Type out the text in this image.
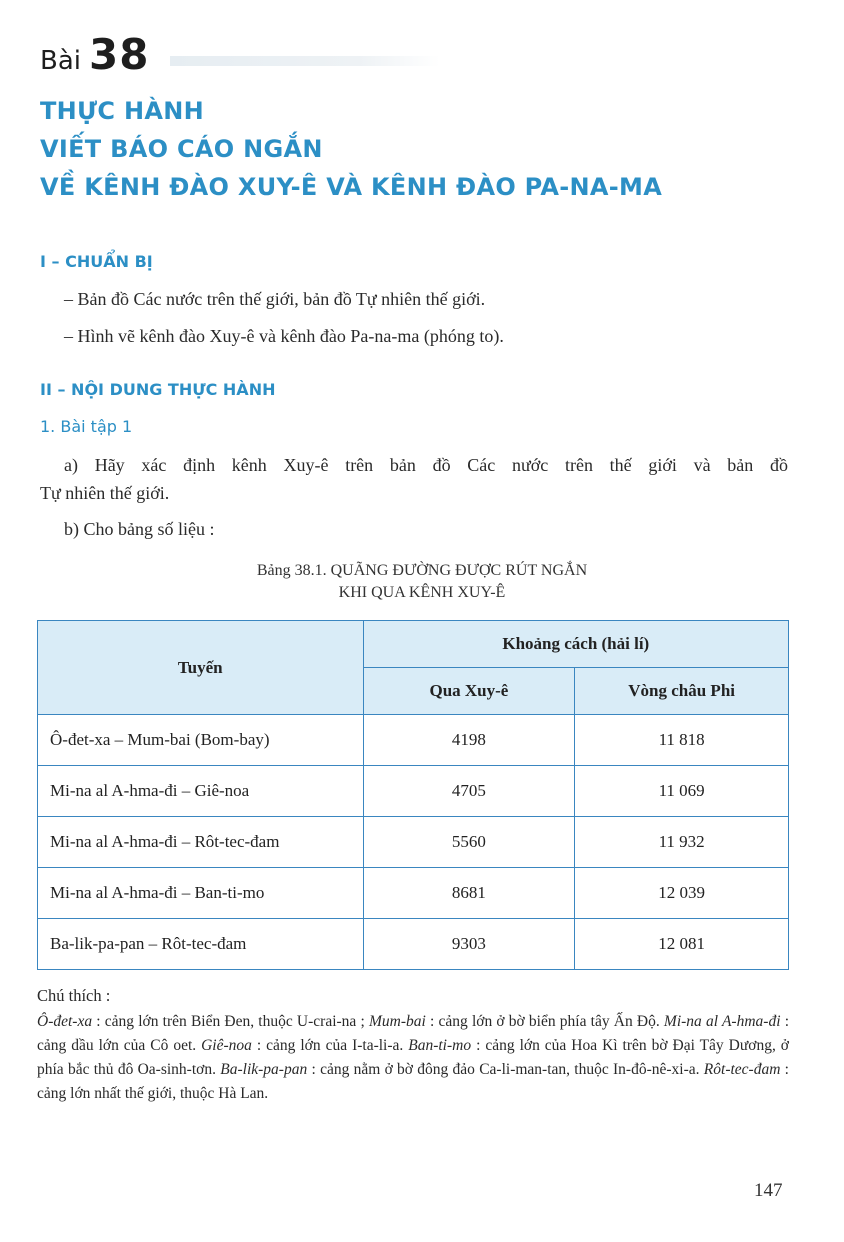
Bài 38
THỰC HÀNH
VIẾT BÁO CÁO NGẮN
VỀ KÊNH ĐÀO XUY-Ê VÀ KÊNH ĐÀO PA-NA-MA
I – CHUẨN BỊ
– Bản đồ Các nước trên thế giới, bản đồ Tự nhiên thế giới.
– Hình vẽ kênh đào Xuy-ê và kênh đào Pa-na-ma (phóng to).
II – NỘI DUNG THỰC HÀNH
1. Bài tập 1
a) Hãy xác định kênh Xuy-ê trên bản đồ Các nước trên thế giới và bản đồ
Tự nhiên thế giới.
b) Cho bảng số liệu :
Bảng 38.1. QUÃNG ĐƯỜNG ĐƯỢC RÚT NGẮN
KHI QUA KÊNH XUY-Ê
Tuyến	Khoảng cách (hải lí)	
	Qua Xuy-ê	Vòng châu Phi
Ô-đet-xa – Mum-bai (Bom-bay)	4198	11 818
Mi-na al A-hma-đi – Giê-noa	4705	11 069
Mi-na al A-hma-đi – Rôt-tec-đam	5560	11 932
Mi-na al A-hma-đi – Ban-ti-mo	8681	12 039
Ba-lik-pa-pan – Rôt-tec-đam	9303	12 081
Chú thích :
Ô-đet-xa : cảng lớn trên Biển Đen, thuộc U-crai-na ; Mum-bai : cảng lớn ở bờ biển phía tây Ấn Độ. Mi-na al A-hma-đi : cảng dầu lớn của Cô oet. Giê-noa : cảng lớn của I-ta-li-a. Ban-ti-mo : cảng lớn của Hoa Kì trên bờ Đại Tây Dương, ở phía bắc thủ đô Oa-sinh-tơn. Ba-lik-pa-pan : cảng nằm ở bờ đông đảo Ca-li-man-tan, thuộc In-đô-nê-xi-a. Rôt-tec-đam : cảng lớn nhất thế giới, thuộc Hà Lan.
147
